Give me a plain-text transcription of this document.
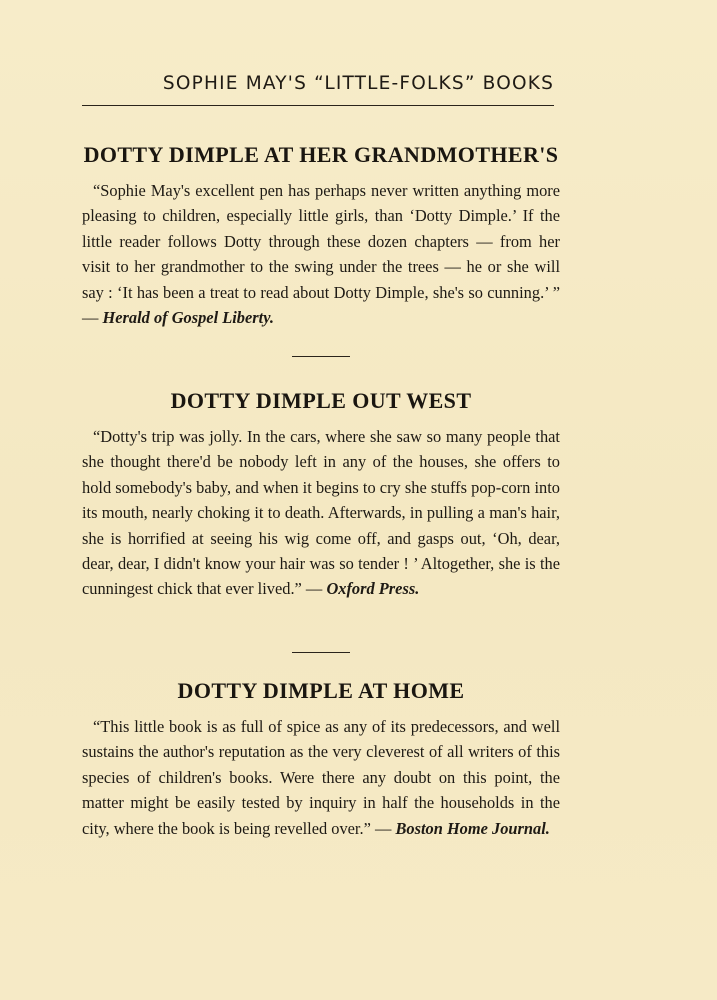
SOPHIE MAY'S “LITTLE-FOLKS” BOOKS
DOTTY DIMPLE AT HER GRANDMOTHER'S

“Sophie May's excellent pen has perhaps never written anything more pleasing to children, especially little girls, than ‘Dotty Dimple.’ If the little reader follows Dotty through these dozen chapters — from her visit to her grandmother to the swing under the trees — he or she will say : ‘It has been a treat to read about Dotty Dimple, she's so cunning.’ ” — Herald of Gospel Liberty.

DOTTY DIMPLE OUT WEST

“Dotty's trip was jolly. In the cars, where she saw so many people that she thought there'd be nobody left in any of the houses, she offers to hold somebody's baby, and when it begins to cry she stuffs pop-corn into its mouth, nearly choking it to death. Afterwards, in pulling a man's hair, she is horrified at seeing his wig come off, and gasps out, ‘Oh, dear, dear, dear, I didn't know your hair was so tender ! ’ Altogether, she is the cunningest chick that ever lived.” — Oxford Press.

DOTTY DIMPLE AT HOME

“This little book is as full of spice as any of its predecessors, and well sustains the author's reputation as the very cleverest of all writers of this species of children's books. Were there any doubt on this point, the matter might be easily tested by inquiry in half the households in the city, where the book is being revelled over.” — Boston Home Journal.
